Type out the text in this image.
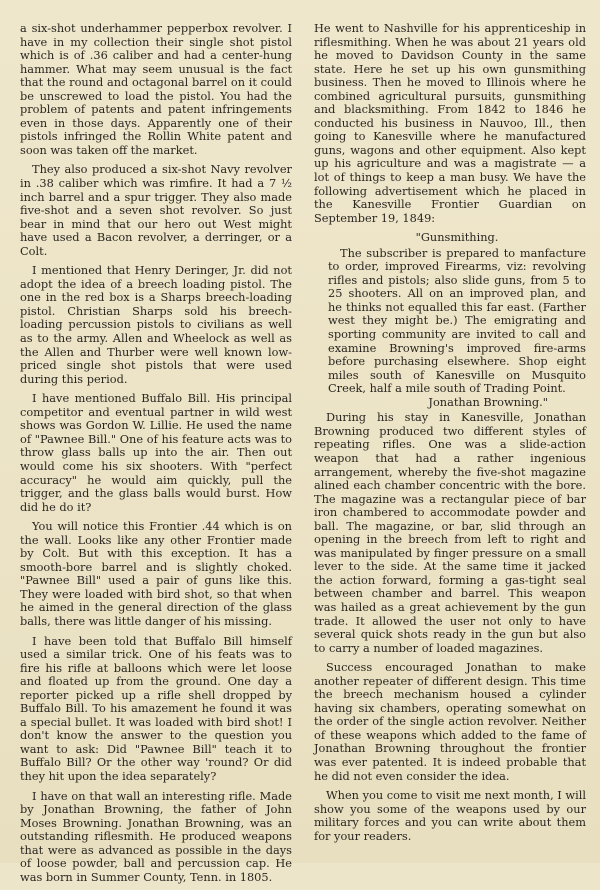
a six-shot underhammer pepperbox revolver. I have in my collection their single shot pistol which is of .36 caliber and had a center-hung hammer. What may seem unusual is the fact that the round and octagonal barrel on it could be unscrewed to load the pistol. You had the problem of patents and patent infringements even in those days. Apparently one of their pistols infringed the Rollin White patent and soon was taken off the market.

They also produced a six-shot Navy revolver in .38 caliber which was rimfire. It had a 7 ½ inch barrel and a spur trigger. They also made five-shot and a seven shot revolver. So just bear in mind that our hero out West might have used a Bacon revolver, a derringer, or a Colt.

I mentioned that Henry Deringer, Jr. did not adopt the idea of a breech loading pistol. The one in the red box is a Sharps breech-loading pistol. Christian Sharps sold his breech-loading percussion pistols to civilians as well as to the army. Allen and Wheelock as well as the Allen and Thurber were well known low-priced single shot pistols that were used during this period.

I have mentioned Buffalo Bill. His principal competitor and eventual partner in wild west shows was Gordon W. Lillie. He used the name of "Pawnee Bill." One of his feature acts was to throw glass balls up into the air. Then out would come his six shooters. With "perfect accuracy" he would aim quickly, pull the trigger, and the glass balls would burst. How did he do it?

You will notice this Frontier .44 which is on the wall. Looks like any other Frontier made by Colt. But with this exception. It has a smooth-bore barrel and is slightly choked. "Pawnee Bill" used a pair of guns like this. They were loaded with bird shot, so that when he aimed in the general direction of the glass balls, there was little danger of his missing.

I have been told that Buffalo Bill himself used a similar trick. One of his feats was to fire his rifle at balloons which were let loose and floated up from the ground. One day a reporter picked up a rifle shell dropped by Buffalo Bill. To his amazement he found it was a special bullet. It was loaded with bird shot! I don't know the answer to the question you want to ask: Did "Pawnee Bill" teach it to Buffalo Bill? Or the other way 'round? Or did they hit upon the idea separately?

I have on that wall an interesting rifle. Made by Jonathan Browning, the father of John Moses Browning. Jonathan Browning, was an outstanding riflesmith. He produced weapons that were as advanced as possible in the days of loose powder, ball and percussion cap. He was born in Summer County, Tenn. in 1805.

He went to Nashville for his apprenticeship in riflesmithing. When he was about 21 years old he moved to Davidson County in the same state. Here he set up his own gunsmithing business. Then he moved to Illinois where he combined agricultural pursuits, gunsmithing and blacksmithing. From 1842 to 1846 he conducted his business in Nauvoo, Ill., then going to Kanesville where he manufactured guns, wagons and other equipment. Also kept up his agriculture and was a magistrate — a lot of things to keep a man busy. We have the following advertisement which he placed in the Kanesville Frontier Guardian on September 19, 1849:

"Gunsmithing.

The subscriber is prepared to manfacture to order, improved Firearms, viz: revolving rifles and pistols; also slide guns, from 5 to 25 shooters. All on an improved plan, and he thinks not equalled this far east. (Farther west they might be.) The emigrating and sporting community are invited to call and examine Browning's improved fire-arms before purchasing elsewhere. Shop eight miles south of Kanesville on Musquito Creek, half a mile south of Trading Point.

Jonathan Browning."

During his stay in Kanesville, Jonathan Browning produced two different styles of repeating rifles. One was a slide-action weapon that had a rather ingenious arrangement, whereby the five-shot magazine alined each chamber concentric with the bore. The magazine was a rectangular piece of bar iron chambered to accommodate powder and ball. The magazine, or bar, slid through an opening in the breech from left to right and was manipulated by finger pressure on a small lever to the side. At the same time it jacked the action forward, forming a gas-tight seal between chamber and barrel. This weapon was hailed as a great achievement by the gun trade. It allowed the user not only to have several quick shots ready in the gun but also to carry a number of loaded magazines.

Success encouraged Jonathan to make another repeater of different design. This time the breech mechanism housed a cylinder having six chambers, operating somewhat on the order of the single action revolver. Neither of these weapons which added to the fame of Jonathan Browning throughout the frontier was ever patented. It is indeed probable that he did not even consider the idea.

When you come to visit me next month, I will show you some of the weapons used by our military forces and you can write about them for your readers.
